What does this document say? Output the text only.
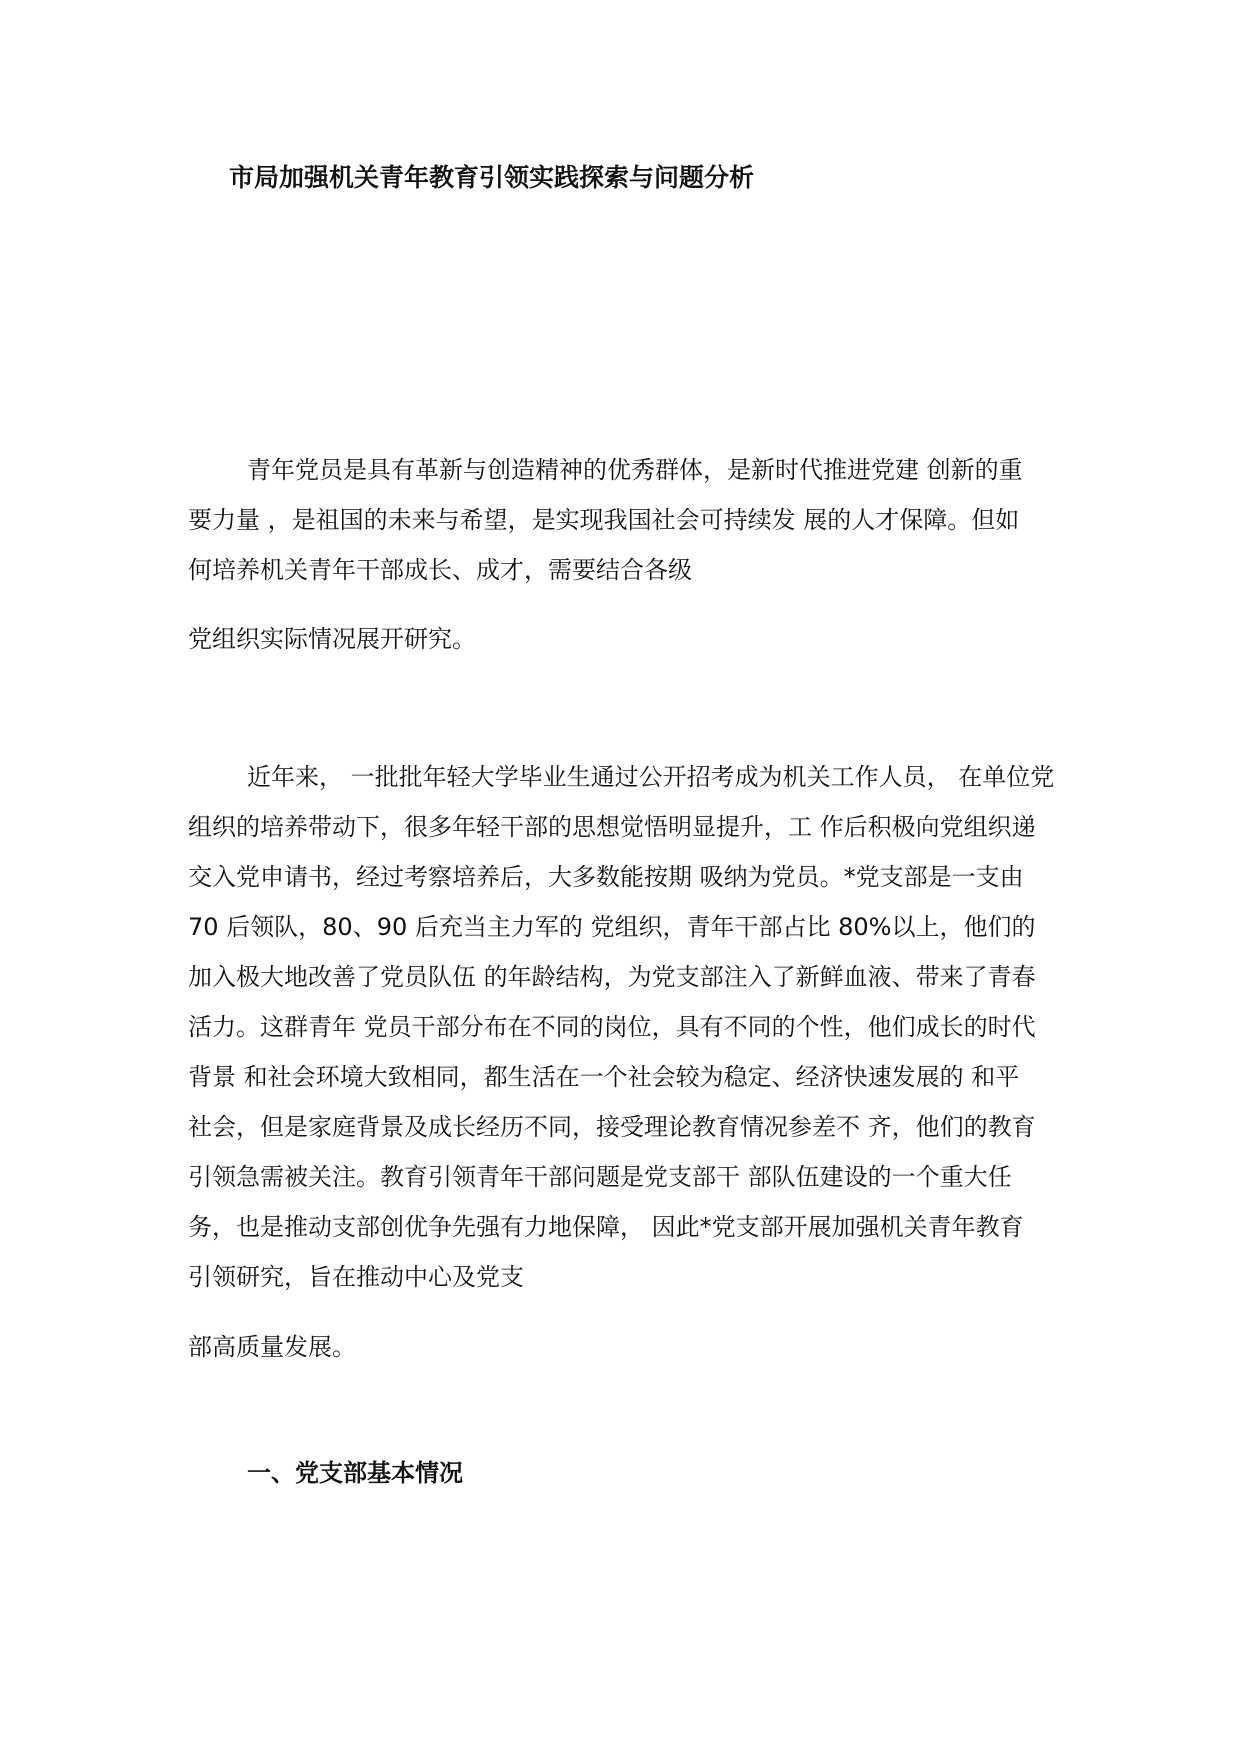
市局加强机关青年教育引领实践探索与问题分析

青年党员是具有革新与创造精神的优秀群体，是新时代推进党建 创新的重

要力量 ，是祖国的未来与希望，是实现我国社会可持续发 展的人才保障。但如

何培养机关青年干部成长、成才，需要结合各级

党组织实际情况展开研究。

近年来， 一批批年轻大学毕业生通过公开招考成为机关工作人员， 在单位党

组织的培养带动下，很多年轻干部的思想觉悟明显提升，工 作后积极向党组织递

交入党申请书，经过考察培养后，大多数能按期 吸纳为党员。*党支部是一支由

70 后领队，80、90 后充当主力军的 党组织，青年干部占比 80%以上，他们的

加入极大地改善了党员队伍 的年龄结构，为党支部注入了新鲜血液、带来了青春

活力。这群青年 党员干部分布在不同的岗位，具有不同的个性，他们成长的时代

背景 和社会环境大致相同，都生活在一个社会较为稳定、经济快速发展的 和平

社会，但是家庭背景及成长经历不同，接受理论教育情况参差不 齐，他们的教育

引领急需被关注。教育引领青年干部问题是党支部干 部队伍建设的一个重大任

务，也是推动支部创优争先强有力地保障， 因此*党支部开展加强机关青年教育

引领研究，旨在推动中心及党支

部高质量发展。

一、党支部基本情况
